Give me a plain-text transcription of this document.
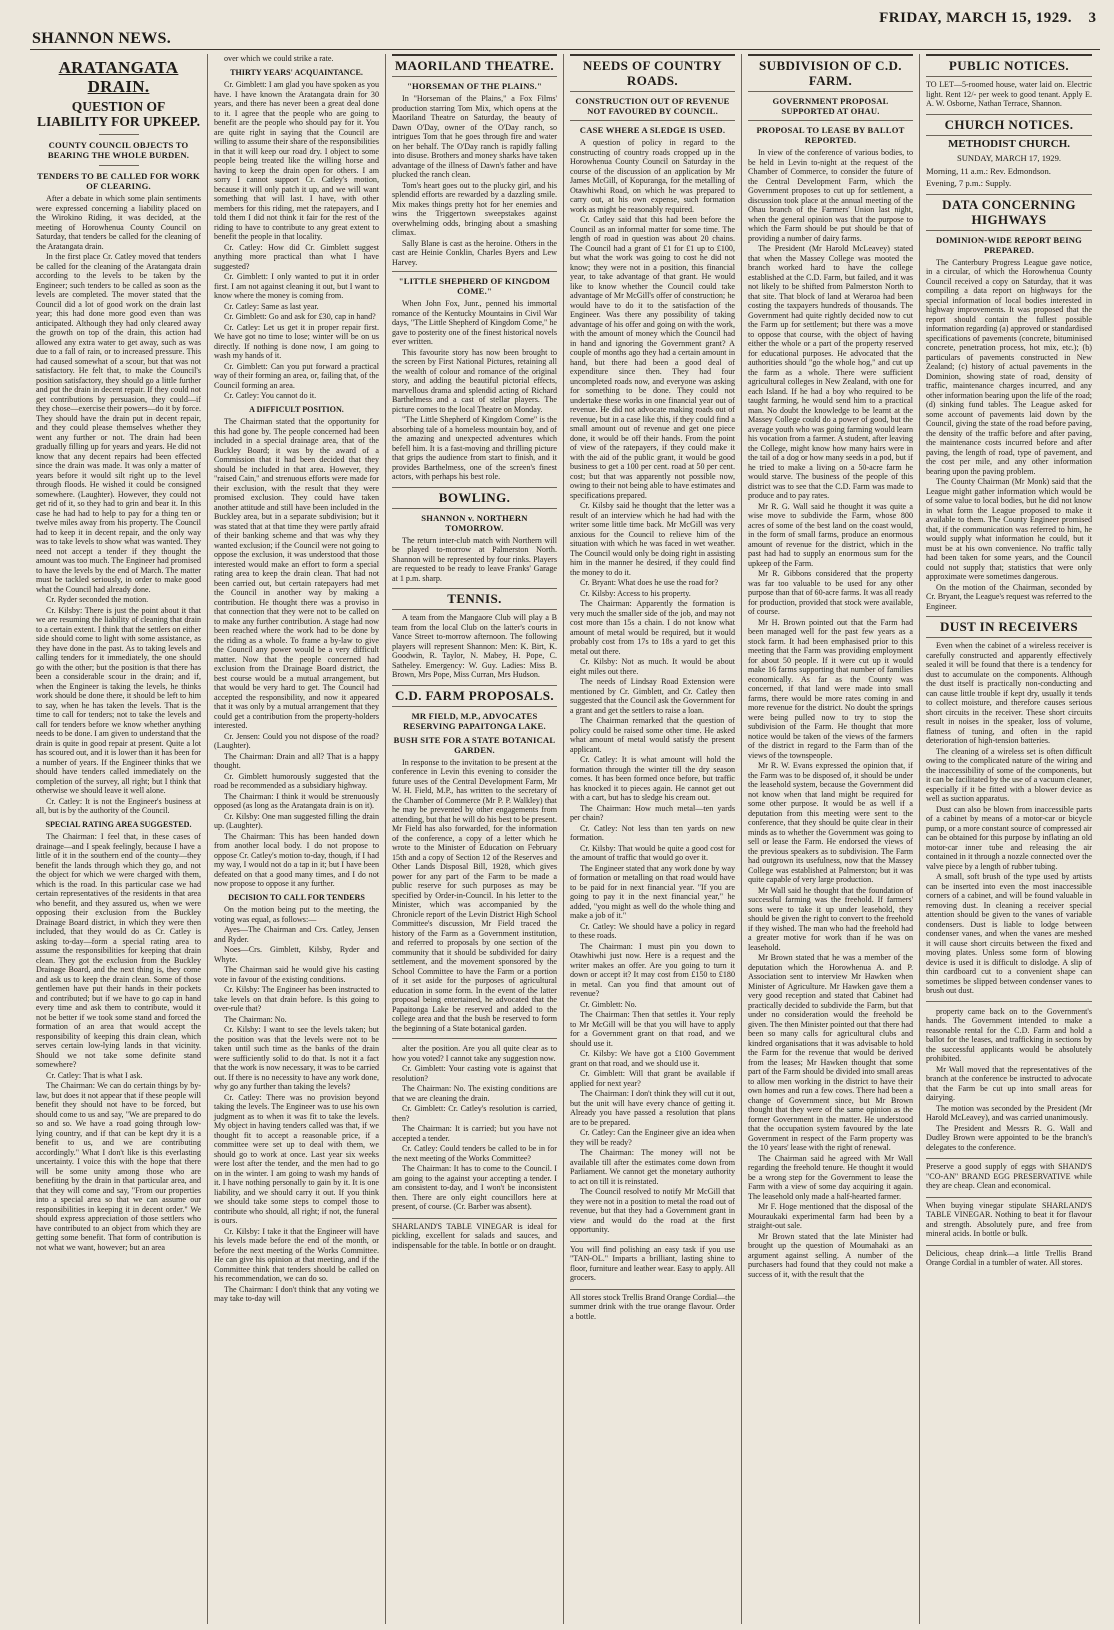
SHANNON NEWS.
FRIDAY, MARCH 15, 1929. 3
ARATANGATA DRAIN.
QUESTION OF LIABILITY FOR UPKEEP.
COUNTY COUNCIL OBJECTS TO BEARING THE WHOLE BURDEN.
TENDERS TO BE CALLED FOR WORK OF CLEARING.

After a debate in which some plain sentiments were expressed concerning a liability placed on the Wirokino Riding, it was decided, at the meeting of Horowhenua County Council on Saturday, that tenders be called for the cleaning of the Aratangata drain.

In the first place Cr. Catley moved that tenders be called for the cleaning of the Aratangata drain according to the levels to be taken by the Engineer; such tenders to be called as soon as the levels are completed. The mover stated that the Council did a lot of good work on the drain last year; this had done more good even than was anticipated. Although they had only cleared away the growth on top of the drain, this action had allowed any extra water to get away, such as was due to a fall of rain, or to increased pressure. This had caused somewhat of a scour, but that was not satisfactory. He felt that, to make the Council's position satisfactory, they should go a little further and put the drain in decent repair. If they could not get contributions by persuasion, they could—if they chose—exercise their powers—do it by force. They should have the drain put in decent repair, and they could please themselves whether they went any further or not. The drain had been gradually filling up for years and years. He did not know that any decent repairs had been effected since the drain was made. It was only a matter of years before it would silt right up to the level through floods. He wished it could be consigned somewhere. (Laughter). However, they could not get rid of it, so they had to grin and bear it. In this case he had had to help to pay for a thing ten or twelve miles away from his property. The Council had to keep it in decent repair, and the only way was to take levels to show what was wanted. They need not accept a tender if they thought the amount was too much. The Engineer had promised to have the levels by the end of March. The matter must be tackled seriously, in order to make good what the Council had already done.

Cr. Ryder seconded the motion.

Cr. Kilsby: There is just the point about it that we are resuming the liability of cleaning that drain to a certain extent. I think that the settlers on either side should come to light with some assistance, as they have done in the past. As to taking levels and calling tenders for it immediately, the one should go with the other; but the position is that there has been a considerable scour in the drain; and if, when the Engineer is taking the levels, he thinks work should be done there, it should be left to him to say, when he has taken the levels. That is the time to call for tenders; not to take the levels and call for tenders before we know whether anything needs to be done. I am given to understand that the drain is quite in good repair at present. Quite a lot has scoured out, and it is lower than it has been for a number of years. If the Engineer thinks that we should have tenders called immediately on the completion of the survey, all right; but I think that otherwise we should leave it well alone.

Cr. Catley: It is not the Engineer's business at all, but is by the authority of the Council.

SPECIAL RATING AREA SUGGESTED.

The Chairman: I feel that, in these cases of drainage—and I speak feelingly, because I have a little of it in the southern end of the county—they benefit the lands through which they go, and not the object for which we were charged with them, which is the road. In this particular case we had certain representatives of the residents in that area who benefit, and they assured us, when we were opposing their exclusion from the Buckley Drainage Board district, in which they were then included, that they would do as Cr. Catley is asking to-day—form a special rating area to assume the responsibilities for keeping that drain clean. They got the exclusion from the Buckley Drainage Board, and the next thing is, they come and ask us to keep the drain clean. Some of those gentlemen have put their hands in their pockets and contributed; but if we have to go cap in hand every time and ask them to contribute, would it not be better if we took some stand and forced the formation of an area that would accept the responsibility of keeping this drain clean, which serves certain low-lying lands in that vicinity. Should we not take some definite stand somewhere?

Cr. Catley: That is what I ask.

The Chairman: We can do certain things by by-law, but does it not appear that if these people will benefit they should not have to be forced, but should come to us and say, "We are prepared to do so and so. We have a road going through low-lying country, and if that can be kept dry it is a benefit to us, and we are contributing accordingly." What I don't like is this everlasting uncertainty. I voice this with the hope that there will be some unity among those who are benefiting by the drain in that particular area, and that they will come and say, "From our properties into a special area so that we can assume our responsibilities in keeping it in decent order." We should express appreciation of those settlers who have contributed to an object from which they are getting some benefit. That form of contribution is not what we want, however; but an area

over which we could strike a rate.

THIRTY YEARS' ACQUAINTANCE.

Cr. Gimblett: I am glad you have spoken as you have. I have known the Aratangata drain for 30 years, and there has never been a great deal done to it. I agree that the people who are going to benefit are the people who should pay for it. You are quite right in saying that the Council are willing to assume their share of the responsibilities in that it will keep our road dry. I object to some people being treated like the willing horse and having to keep the drain open for others. I am sorry I cannot support Cr. Catley's motion, because it will only patch it up, and we will want something that will last. I have, with other members for this riding, met the ratepayers, and I told them I did not think it fair for the rest of the riding to have to contribute to any great extent to benefit the people in that locality.

Cr. Catley: How did Cr. Gimblett suggest anything more practical than what I have suggested?

Cr. Gimblett: I only wanted to put it in order first. I am not against cleaning it out, but I want to know where the money is coming from.

Cr. Catley: Same as last year.

Cr. Gimblett: Go and ask for £30, cap in hand?

Cr. Catley: Let us get it in proper repair first. We have got no time to lose; winter will be on us directly. If nothing is done now, I am going to wash my hands of it.

Cr. Gimblett: Can you put forward a practical way of their forming an area, or, failing that, of the Council forming an area.

Cr. Catley: You cannot do it.

A DIFFICULT POSITION.

The Chairman stated that the opportunity for this had gone by. The people concerned had been included in a special drainage area, that of the Buckley Board; it was by the award of a Commission that it had been decided that they should be included in that area. However, they "raised Cain," and strenuous efforts were made for their exclusion, with the result that they were promised exclusion. They could have taken another attitude and still have been included in the Buckley area, but in a separate subdivision; but it was stated that at that time they were partly afraid of their banking scheme and that was why they wanted exclusion; if the Council were not going to oppose the exclusion, it was understood that those interested would make an effort to form a special rating area to keep the drain clean. That had not been carried out, but certain ratepayers had met the Council in another way by making a contribution. He thought there was a proviso in that connection that they were not to be called on to make any further contribution. A stage had now been reached where the work had to be done by the riding as a whole. To frame a by-law to give the Council any power would be a very difficult matter. Now that the people concerned had exclusion from the Drainage Board district, the best course would be a mutual arrangement, but that would be very hard to get. The Council had accepted the responsibility, and now it appeared that it was only by a mutual arrangement that they could get a contribution from the property-holders interested.

Cr. Jensen: Could you not dispose of the road? (Laughter).

The Chairman: Drain and all? That is a happy thought.

Cr. Gimblett humorously suggested that the road be recommended as a subsidiary highway.

The Chairman: I think it would be strenuously opposed (as long as the Aratangata drain is on it).

Cr. Kilsby: One man suggested filling the drain up. (Laughter).

The Chairman: This has been handed down from another local body. I do not propose to oppose Cr. Catley's motion to-day, though, if I had my way, I would not do a tap in it; but I have been defeated on that a good many times, and I do not now propose to oppose it any further.

DECISION TO CALL FOR TENDERS

On the motion being put to the meeting, the voting was equal, as follows:—

Ayes—The Chairman and Crs. Catley, Jensen and Ryder.

Noes—Crs. Gimblett, Kilsby, Ryder and Whyte.

The Chairman said he would give his casting vote in favour of the existing conditions.

Cr. Kilsby: The Engineer has been instructed to take levels on that drain before. Is this going to over-rule that?

The Chairman: No.

Cr. Kilsby: I want to see the levels taken; but the position was that the levels were not to be taken until such time as the banks of the drain were sufficiently solid to do that. Is not it a fact that the work is now necessary, it was to be carried out. If there is no necessity to have any work done, why go any further than taking the levels?

Cr. Catley: There was no provision beyond taking the levels. The Engineer was to use his own judgment as to when it was fit to take the levels. My object in having tenders called was that, if we thought fit to accept a reasonable price, if a committee were set up to deal with them, we should go to work at once. Last year six weeks were lost after the tender, and the men had to go on in the winter. I am going to wash my hands of it. I have nothing personally to gain by it. It is one liability, and we should carry it out. If you think we should take some steps to compel those to contribute who should, all right; if not, the funeral is ours.

Cr. Kilsby: I take it that the Engineer will have his levels made before the end of the month, or before the next meeting of the Works Committee. He can give his opinion at that meeting, and if the Committee think that tenders should be called on his recommendation, we can do so.

The Chairman: I don't think that any voting we may take to-day will

MAORILAND THEATRE.
"HORSEMAN OF THE PLAINS."

In "Horseman of the Plains," a Fox Films' production starring Tom Mix, which opens at the Maoriland Theatre on Saturday, the beauty of Dawn O'Day, owner of the O'Day ranch, so intrigues Tom that he goes through fire and water on her behalf. The O'Day ranch is rapidly falling into disuse. Brothers and money sharks have taken advantage of the illness of Dawn's father and have plucked the ranch clean.

Tom's heart goes out to the plucky girl, and his splendid efforts are rewarded by a dazzling smile. Mix makes things pretty hot for her enemies and wins the Triggertown sweepstakes against overwhelming odds, bringing about a smashing climax.

Sally Blane is cast as the heroine. Others in the cast are Heinie Conklin, Charles Byers and Lew Harvey.

"LITTLE SHEPHERD OF KINGDOM COME."

When John Fox, Junr., penned his immortal romance of the Kentucky Mountains in Civil War days, "The Little Shepherd of Kingdom Come," he gave to posterity one of the finest historical novels ever written.

This favourite story has now been brought to the screen by First National Pictures, retaining all the wealth of colour and romance of the original story, and adding the beautiful pictorial effects, marvellous drama and splendid acting of Richard Barthelmess and a cast of stellar players. The picture comes to the local Theatre on Monday.

"The Little Shepherd of Kingdom Come" is the absorbing tale of a homeless mountain boy, and of the amazing and unexpected adventures which befell him. It is a fast-moving and thrilling picture that grips the audience from start to finish, and it provides Barthelmess, one of the screen's finest actors, with perhaps his best role.

BOWLING.
SHANNON v. NORTHERN TOMORROW.

The return inter-club match with Northern will be played to-morrow at Palmerston North. Shannon will be represented by four rinks. Players are requested to be ready to leave Franks' Garage at 1 p.m. sharp.

TENNIS.

A team from the Mangaore Club will play a B team from the local Club on the latter's courts in Vance Street to-morrow afternoon. The following players will represent Shannon: Men: K. Birt, K. Goodwin, R. Taylor, N. Mabey, H. Pope, C. Satheley. Emergency: W. Guy. Ladies: Miss B. Brown, Mrs Pope, Miss Curran, Mrs Hudson.

C.D. FARM PROPOSALS.
MR FIELD, M.P., ADVOCATES RESERVING PAPAITONGA LAKE.
BUSH SITE FOR A STATE BOTANICAL GARDEN.

In response to the invitation to be present at the conference in Levin this evening to consider the future uses of the Central Development Farm, Mr W. H. Field, M.P., has written to the secretary of the Chamber of Commerce (Mr P. P. Walkley) that he may be prevented by other engagements from attending, but that he will do his best to be present. Mr Field has also forwarded, for the information of the conference, a copy of a letter which he wrote to the Minister of Education on February 15th and a copy of Section 12 of the Reserves and Other Lands Disposal Bill, 1928, which gives power for any part of the Farm to be made a public reserve for such purposes as may be specified by Order-in-Council. In his letter to the Minister, which was accompanied by the Chronicle report of the Levin District High School Committee's discussion, Mr Field traced the history of the Farm as a Government institution, and referred to proposals by one section of the community that it should be subdivided for dairy settlement, and the movement sponsored by the School Committee to have the Farm or a portion of it set aside for the purposes of agricultural education in some form. In the event of the latter proposal being entertained, he advocated that the Papaitonga Lake be reserved and added to the college area and that the bush be reserved to form the beginning of a State botanical garden.

alter the position. Are you all quite clear as to how you voted? I cannot take any suggestion now.

Cr. Gimblett: Your casting vote is against that resolution?

The Chairman: No. The existing conditions are that we are cleaning the drain.

Cr. Gimblett: Cr. Catley's resolution is carried, then?

The Chairman: It is carried; but you have not accepted a tender.

Cr. Catley: Could tenders be called to be in for the next meeting of the Works Committee?

The Chairman: It has to come to the Council. I am going to the against your accepting a tender. I am consistent to-day, and I won't be inconsistent then. There are only eight councillors here at present, of course. (Cr. Barber was absent).

SHARLAND'S TABLE VINEGAR is ideal for pickling, excellent for salads and sauces, and indispensable for the table. In bottle or on draught.
NEEDS OF COUNTRY ROADS.
CONSTRUCTION OUT OF REVENUE NOT FAVOURED BY COUNCIL.
CASE WHERE A SLEDGE IS USED.

A question of policy in regard to the constructing of country roads cropped up in the Horowhenua County Council on Saturday in the course of the discussion of an application by Mr James McGill, of Kopuranga, for the metalling of Otawhiwhi Road, on which he was prepared to carry out, at his own expense, such formation work as might be reasonably required.

Cr. Catley said that this had been before the Council as an informal matter for some time. The length of road in question was about 20 chains. The Council had a grant of £1 for £1 up to £100, but what the work was going to cost he did not know; they were not in a position, this financial year, to take advantage of that grant. He would like to know whether the Council could take advantage of Mr McGill's offer of construction; he would have to do it to the satisfaction of the Engineer. Was there any possibility of taking advantage of his offer and going on with the work, with the amount of money which the Council had in hand and ignoring the Government grant? A couple of months ago they had a certain amount in hand, but there had been a good deal of expenditure since then. They had four uncompleted roads now, and everyone was asking for something to be done. They could not undertake these works in one financial year out of revenue. He did not advocate making roads out of revenue, but in a case like this, if they could find a small amount out of revenue and get one piece done, it would be off their hands. From the point of view of the ratepayers, if they could make it with the aid of the public grant, it would be good business to get a 100 per cent. road at 50 per cent. cost; but that was apparently not possible now, owing to their not being able to have estimates and specifications prepared.

Cr. Kilsby said he thought that the letter was a result of an interview which he had had with the writer some little time back. Mr McGill was very anxious for the Council to relieve him of the situation with which he was faced in wet weather. The Council would only be doing right in assisting him in the manner he desired, if they could find the money to do it.

Cr. Bryant: What does he use the road for?

Cr. Kilsby: Access to his property.

The Chairman: Apparently the formation is very much the smaller side of the job, and may not cost more than 15s a chain. I do not know what amount of metal would be required, but it would probably cost from 17s to 18s a yard to get this metal out there.

Cr. Kilsby: Not as much. It would be about eight miles out there.

The needs of Lindsay Road Extension were mentioned by Cr. Gimblett, and Cr. Catley then suggested that the Council ask the Government for a grant and get the settlers to raise a loan.

The Chairman remarked that the question of policy could be raised some other time. He asked what amount of metal would satisfy the present applicant.

Cr. Catley: It is what amount will hold the formation through the winter till the dry season comes. It has been formed once before, but traffic has knocked it to pieces again. He cannot get out with a cart, but has to sledge his cream out.

The Chairman: How much metal—ten yards per chain?

Cr. Catley: Not less than ten yards on new formation.

Cr. Kilsby: That would be quite a good cost for the amount of traffic that would go over it.

The Engineer stated that any work done by way of formation or metalling on that road would have to be paid for in next financial year. "If you are going to pay it in the next financial year," he added, "you might as well do the whole thing and make a job of it."

Cr. Catley: We should have a policy in regard to these roads.

The Chairman: I must pin you down to Otawhiwhi just now. Here is a request and the writer makes an offer. Are you going to turn it down or accept it? It may cost from £150 to £180 in metal. Can you find that amount out of revenue?

Cr. Gimblett: No.

The Chairman: Then that settles it. Your reply to Mr McGill will be that you will have to apply for a Government grant on that road, and we should use it.

Cr. Kilsby: We have got a £100 Government grant on that road, and we should use it.

Cr. Gimblett: Will that grant be available if applied for next year?

The Chairman: I don't think they will cut it out, but the unit will have every chance of getting it. Already you have passed a resolution that plans are to be prepared.

Cr. Catley: Can the Engineer give an idea when they will be ready?

The Chairman: The money will not be available till after the estimates come down from Parliament. We cannot get the monetary authority to act on till it is reinstated.

The Council resolved to notify Mr McGill that they were not in a position to metal the road out of revenue, but that they had a Government grant in view and would do the road at the first opportunity.

You will find polishing an easy task if you use "TAN-OL." Imparts a brilliant, lasting shine to floor, furniture and leather wear. Easy to apply. All grocers.
All stores stock Trellis Brand Orange Cordial—the summer drink with the true orange flavour. Order a bottle.
SUBDIVISION OF C.D. FARM.
GOVERNMENT PROPOSAL SUPPORTED AT OHAU.
PROPOSAL TO LEASE BY BALLOT REPORTED.

In view of the conference of various bodies, to be held in Levin to-night at the request of the Chamber of Commerce, to consider the future of the Central Development Farm, which the Government proposes to cut up for settlement, a discussion took place at the annual meeting of the Ohau branch of the Farmers' Union last night, when the general opinion was that the purpose to which the Farm should be put should be that of providing a number of dairy farms.

The President (Mr Harold McLeavey) stated that when the Massey College was mooted the branch worked hard to have the college established at the C.D. Farm, but failed, and it was not likely to be shifted from Palmerston North to that site. That block of land at Weraroa had been costing the taxpayers hundreds of thousands. The Government had quite rightly decided now to cut the Farm up for settlement; but there was a move to oppose that course, with the object of having either the whole or a part of the property reserved for educational purposes. He advocated that the authorities should "go the whole hog," and cut up the farm as a whole. There were sufficient agricultural colleges in New Zealand, with one for each Island. If he had a boy who required to be taught farming, he would send him to a practical man. No doubt the knowledge to be learnt at the Massey College could do a power of good, but the average youth who was going farming would learn his vocation from a farmer. A student, after leaving the College, might know how many hairs were in the tail of a dog or how many seeds in a pod, but if he tried to make a living on a 50-acre farm he would starve. The business of the people of this district was to see that the C.D. Farm was made to produce and to pay rates.

Mr R. G. Wall said he thought it was quite a wise move to subdivide the Farm, whose 800 acres of some of the best land on the coast would, in the form of small farms, produce an enormous amount of revenue for the district, which in the past had had to supply an enormous sum for the upkeep of the Farm.

Mr R. Gibbons considered that the property was far too valuable to be used for any other purpose than that of 60-acre farms. It was all ready for production, provided that stock were available, of course.

Mr H. Brown pointed out that the Farm had been managed well for the past few years as a stock farm. It had been emphasised prior to this meeting that the Farm was providing employment for about 50 people. If it were cut up it would make 16 farms supporting that number of families economically. As far as the County was concerned, if that land were made into small farms, there would be more rates coming in and more revenue for the district. No doubt the springs were being pulled now to try to stop the subdivision of the Farm. He thought that more notice would be taken of the views of the farmers of the district in regard to the Farm than of the views of the townspeople.

Mr R. W. Evans expressed the opinion that, if the Farm was to be disposed of, it should be under the leasehold system, because the Government did not know when that land might be required for some other purpose. It would be as well if a deputation from this meeting were sent to the conference, that they should be quite clear in their minds as to whether the Government was going to sell or lease the Farm. He endorsed the views of the previous speakers as to subdivision. The Farm had outgrown its usefulness, now that the Massey College was established at Palmerston; but it was quite capable of very large production.

Mr Wall said he thought that the foundation of successful farming was the freehold. If farmers' sons were to take it up under leasehold, they should be given the right to convert to the freehold if they wished. The man who had the freehold had a greater motive for work than if he was on leasehold.

Mr Brown stated that he was a member of the deputation which the Horowhenua A. and P. Association sent to interview Mr Hawken when Minister of Agriculture. Mr Hawken gave them a very good reception and stated that Cabinet had practically decided to subdivide the Farm, but that under no consideration would the freehold be given. The then Minister pointed out that there had been so many calls for agricultural clubs and kindred organisations that it was advisable to hold the Farm for the revenue that would be derived from the leases; Mr Hawken thought that some part of the Farm should be divided into small areas to allow men working in the district to have their own homes and run a few cows. There had been a change of Government since, but Mr Brown thought that they were of the same opinion as the former Government in the matter. He understood that the occupation system favoured by the late Government in respect of the Farm property was the 10 years' lease with the right of renewal.

The Chairman said he agreed with Mr Wall regarding the freehold tenure. He thought it would be a wrong step for the Government to lease the Farm with a view of some day acquiring it again. The leasehold only made a half-hearted farmer.

Mr F. Hoge mentioned that the disposal of the Mouraukaki experimental farm had been by a straight-out sale.

Mr Brown stated that the late Minister had brought up the question of Moumahaki as an argument against selling. A number of the purchasers had found that they could not make a success of it, with the result that the

PUBLIC NOTICES.
TO LET—5-roomed house, water laid on. Electric light. Rent 12/- per week to good tenant. Apply E. A. W. Osborne, Nathan Terrace, Shannon.
CHURCH NOTICES.
METHODIST CHURCH.
SUNDAY, MARCH 17, 1929.
Morning, 11 a.m.: Rev. Edmondson.
Evening, 7 p.m.: Supply.
DATA CONCERNING HIGHWAYS
DOMINION-WIDE REPORT BEING PREPARED.

The Canterbury Progress League gave notice, in a circular, of which the Horowhenua County Council received a copy on Saturday, that it was compiling a data report on highways for the special information of local bodies interested in highway improvements. It was proposed that the report should contain the fullest possible information regarding (a) approved or standardised specifications of pavements (concrete, bituminised concrete, penetration process, hot mix, etc.); (b) particulars of pavements constructed in New Zealand; (c) history of actual pavements in the Dominion, showing state of road, density of traffic, maintenance charges incurred, and any other information bearing upon the life of the road; (d) sinking fund tables. The League asked for some account of pavements laid down by the Council, giving the state of the road before paving, the density of the traffic before and after paving, the maintenance costs incurred before and after paving, the length of road, type of pavement, and the cost per mile, and any other information bearing upon the paving problem.

The County Chairman (Mr Monk) said that the League might gather information which would be of some value to local bodies, but he did not know in what form the League proposed to make it available to them. The County Engineer promised that, if the communication was referred to him, he would supply what information he could, but it must be at his own convenience. No traffic tally had been taken for some years, and the Council could not supply that; statistics that were only approximate were sometimes dangerous.

On the motion of the Chairman, seconded by Cr. Bryant, the League's request was referred to the Engineer.

DUST IN RECEIVERS

Even when the cabinet of a wireless receiver is carefully constructed and apparently effectively sealed it will be found that there is a tendency for dust to accumulate on the components. Although the dust itself is practically non-conducting and can cause little trouble if kept dry, usually it tends to collect moisture, and therefore causes serious short circuits in the receiver. These short circuits result in noises in the speaker, loss of volume, flatness of tuning, and often in the rapid deterioration of high-tension batteries.

The cleaning of a wireless set is often difficult owing to the complicated nature of the wiring and the inaccessibility of some of the components, but it can be facilitated by the use of a vacuum cleaner, especially if it be fitted with a blower device as well as suction apparatus.

Dust can also be blown from inaccessible parts of a cabinet by means of a motor-car or bicycle pump, or a more constant source of compressed air can be obtained for this purpose by inflating an old motor-car inner tube and releasing the air contained in it through a nozzle connected over the valve piece by a length of rubber tubing.

A small, soft brush of the type used by artists can be inserted into even the most inaccessible corners of a cabinet, and will be found valuable in removing dust. In cleaning a receiver special attention should be given to the vanes of variable condensers. Dust is liable to lodge between condenser vanes, and when the vanes are meshed it will cause short circuits between the fixed and moving plates. Unless some form of blowing device is used it is difficult to dislodge. A slip of thin cardboard cut to a convenient shape can sometimes be slipped between condenser vanes to brush out dust.

property came back on to the Government's hands. The Government intended to make a reasonable rental for the C.D. Farm and hold a ballot for the leases, and trafficking in sections by the successful applicants would be absolutely prohibited.

Mr Wall moved that the representatives of the branch at the conference be instructed to advocate that the Farm be cut up into small areas for dairying.

The motion was seconded by the President (Mr Harold McLeavey), and was carried unanimously.

The President and Messrs R. G. Wall and Dudley Brown were appointed to be the branch's delegates to the conference.

Preserve a good supply of eggs with SHAND'S "CO-AN" BRAND EGG PRESERVATIVE while they are cheap. Clean and economical.
When buying vinegar stipulate SHARLAND'S TABLE VINEGAR. Nothing to beat it for flavour and strength. Absolutely pure, and free from mineral acids. In bottle or bulk.
Delicious, cheap drink—a little Trellis Brand Orange Cordial in a tumbler of water. All stores.
